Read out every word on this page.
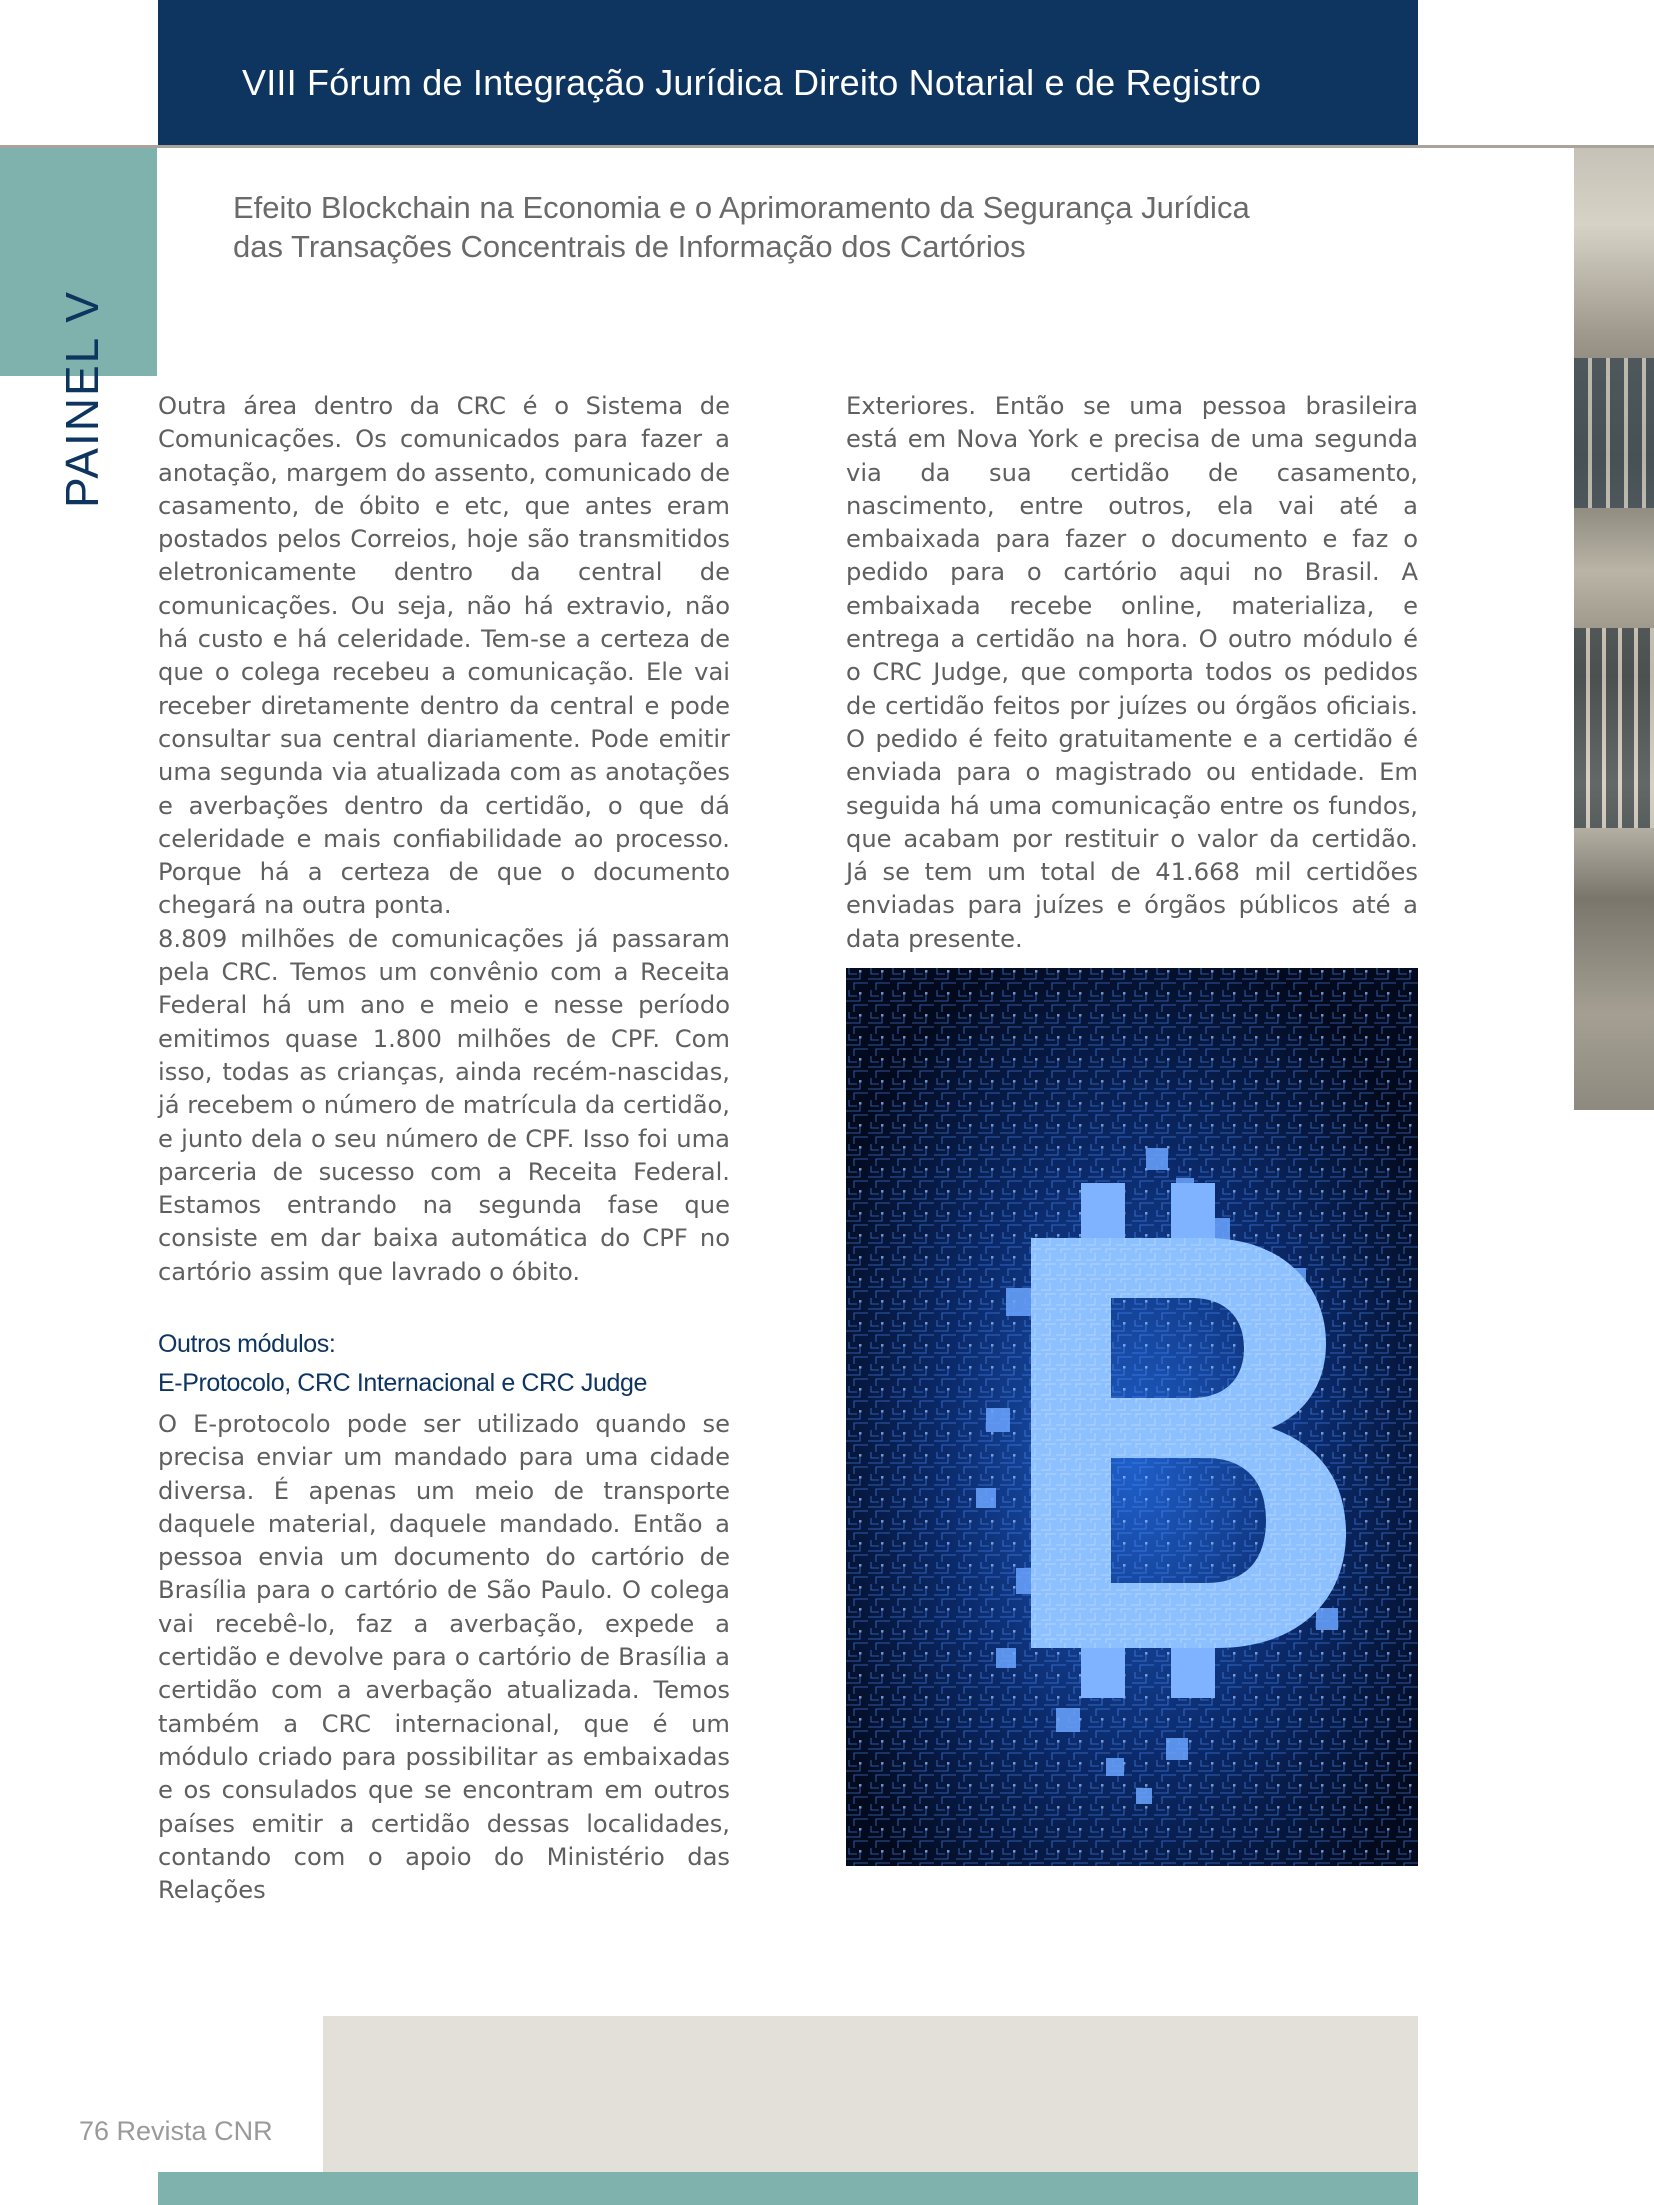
VIII Fórum de Integração Jurídica Direito Notarial e de Registro
PAINEL V
Efeito Blockchain na Economia e o Aprimoramento da Segurança Jurídica
das Transações Concentrais de Informação dos Cartórios

Outra área dentro da CRC é o Sistema de Comunicações. Os comunicados para fazer a anotação, margem do assento, comunicado de casamento, de óbito e etc, que antes eram postados pelos Correios, hoje são transmitidos eletronicamente dentro da central de comunicações. Ou seja, não há extravio, não há custo e há celeridade. Tem-se a certeza de que o colega recebeu a comunicação. Ele vai receber diretamente dentro da central e pode consultar sua central diariamente. Pode emitir uma segunda via atualizada com as anotações e averbações dentro da certidão, o que dá celeridade e mais confiabilidade ao processo. Porque há a certeza de que o documento chegará na outra ponta.

8.809 milhões de comunicações já passaram pela CRC. Temos um convênio com a Receita Federal há um ano e meio e nesse período emitimos quase 1.800 milhões de CPF. Com isso, todas as crianças, ainda recém-nascidas, já recebem o número de matrícula da certidão, e junto dela o seu número de CPF. Isso foi uma parceria de sucesso com a Receita Federal. Estamos entrando na segunda fase que consiste em dar baixa automática do CPF no cartório assim que lavrado o óbito.

Outros módulos:
E-Protocolo, CRC Internacional e CRC Judge

O E-protocolo pode ser utilizado quando se precisa enviar um mandado para uma cidade diversa. É apenas um meio de transporte daquele material, daquele mandado. Então a pessoa envia um documento do cartório de Brasília para o cartório de São Paulo. O colega vai recebê-lo, faz a averbação, expede a certidão e devolve para o cartório de Brasília a certidão com a averbação atualizada. Temos também a CRC internacional, que é um módulo criado para possibilitar as embaixadas e os consulados que se encontram em outros países emitir a certidão dessas localidades, contando com o apoio do Ministério das Relações

Exteriores. Então se uma pessoa brasileira está em Nova York e precisa de uma segunda via da sua certidão de casamento, nascimento, entre outros, ela vai até a embaixada para fazer o documento e faz o pedido para o cartório aqui no Brasil. A embaixada recebe online, materializa, e entrega a certidão na hora. O outro módulo é o CRC Judge, que comporta todos os pedidos de certidão feitos por juízes ou órgãos oficiais. O pedido é feito gratuitamente e a certidão é enviada para o magistrado ou entidade. Em seguida há uma comunicação entre os fundos, que acabam por restituir o valor da certidão. Já se tem um total de 41.668 mil certidões enviadas para juízes e órgãos públicos até a data presente.

76 Revista CNR
